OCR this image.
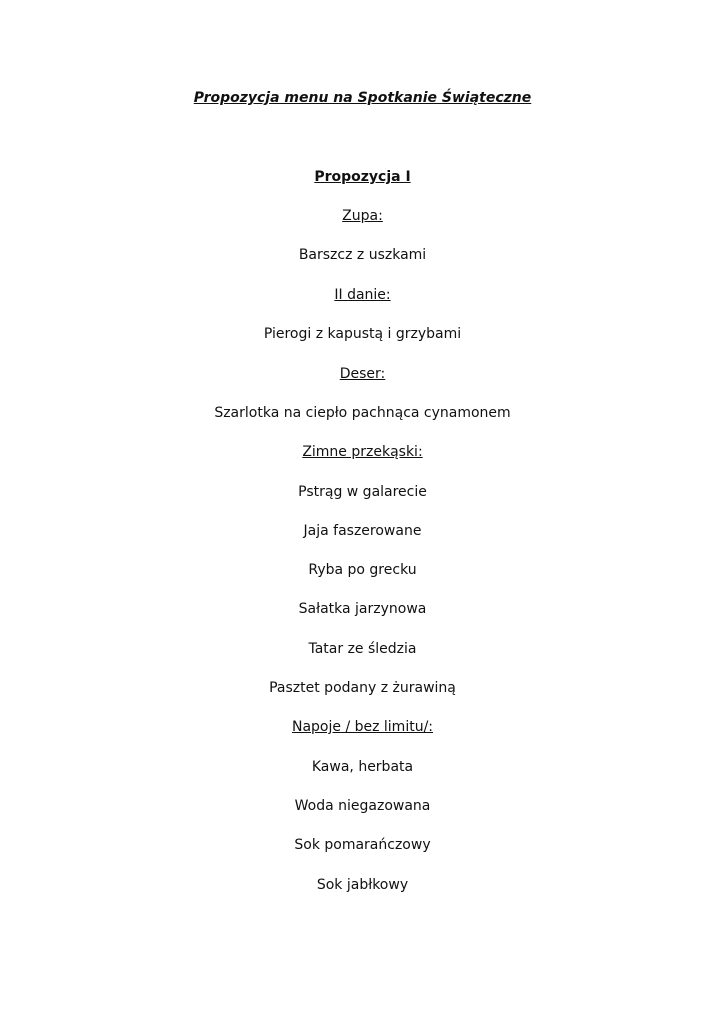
Propozycja menu na Spotkanie Świąteczne
Propozycja I
Zupa:
Barszcz z uszkami
II danie:
Pierogi z kapustą i grzybami
Deser:
Szarlotka na ciepło pachnąca cynamonem
Zimne przekąski:
Pstrąg w galarecie
Jaja faszerowane
Ryba po grecku
Sałatka jarzynowa
Tatar ze śledzia
Pasztet podany z żurawiną
Napoje / bez limitu/:
Kawa, herbata
Woda niegazowana
Sok pomarańczowy
Sok jabłkowy
